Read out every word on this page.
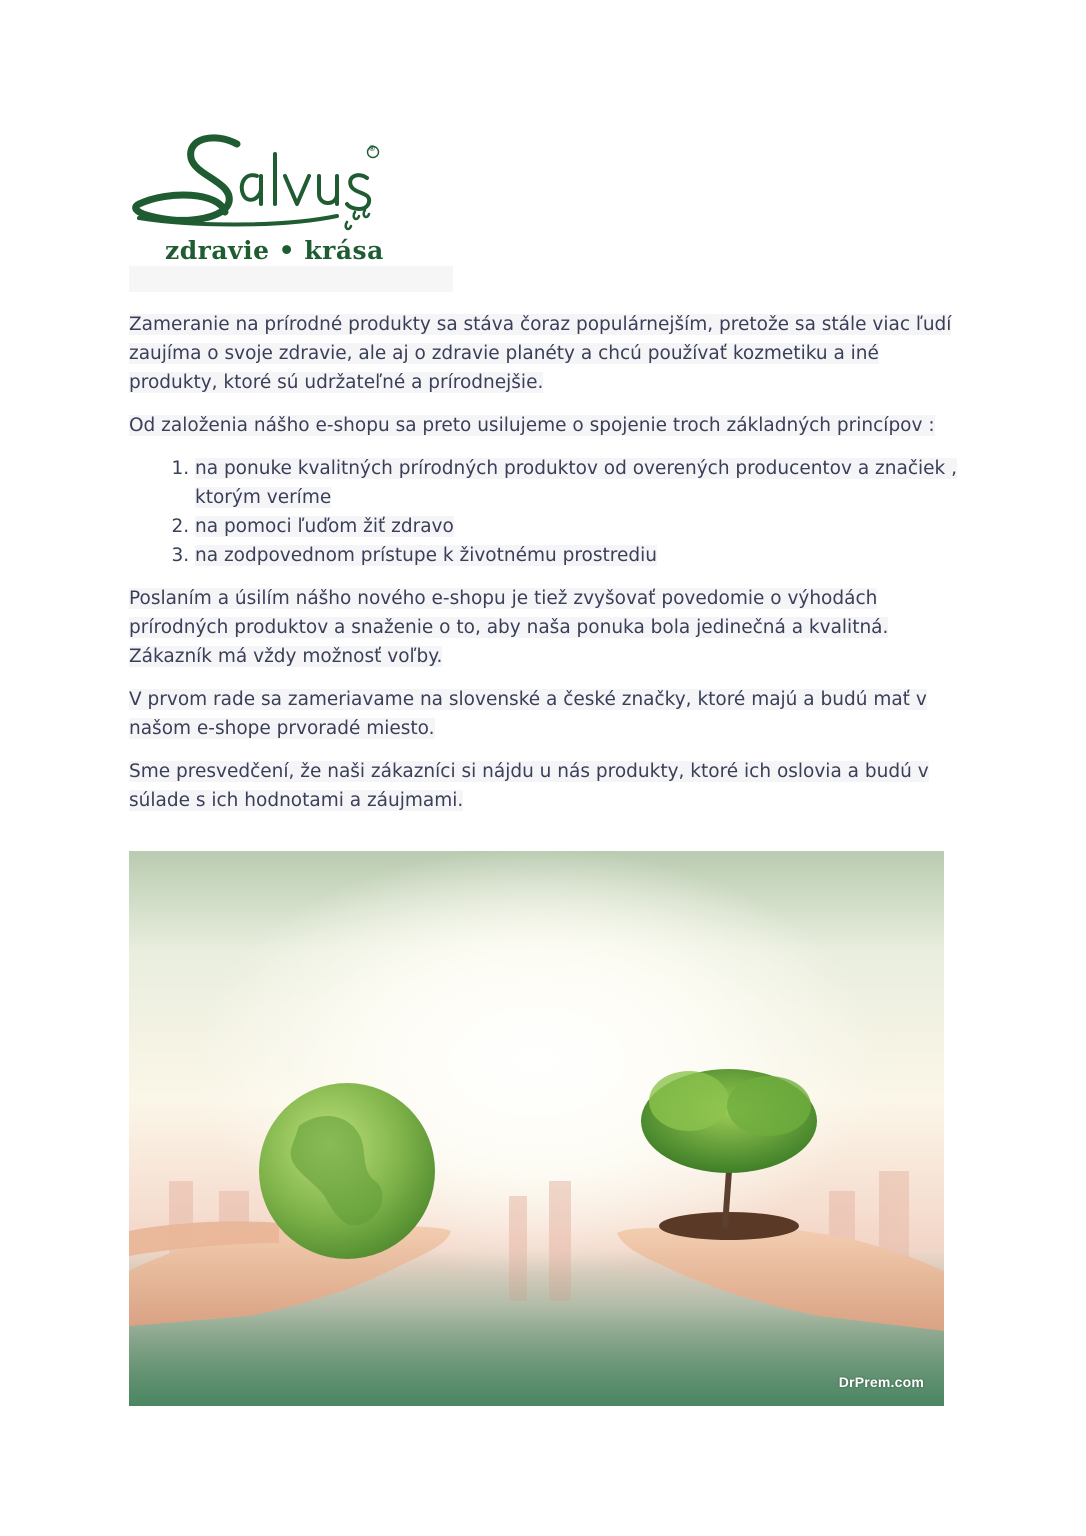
®
zdravie • krása

Zameranie na prírodné produkty sa stáva čoraz populárnejším, pretože sa stále viac ľudí zaujíma o svoje zdravie, ale aj o zdravie planéty a chcú používať kozmetiku a iné produkty, ktoré sú udržateľné a prírodnejšie.

Od založenia nášho e-shopu sa preto usilujeme o spojenie troch základných princípov :

1. na ponuke kvalitných prírodných produktov od overených producentov a značiek , ktorým veríme
2. na pomoci ľuďom žiť zdravo
3. na zodpovednom prístupe k životnému prostrediu

Poslaním a úsilím nášho nového e-shopu je tiež zvyšovať povedomie o výhodách prírodných produktov a snaženie o to, aby naša ponuka bola jedinečná a kvalitná. Zákazník má vždy možnosť voľby.

V prvom rade sa zameriavame na slovenské a české značky, ktoré majú a budú mať v našom e-shope prvoradé miesto.

Sme presvedčení, že naši zákazníci si nájdu u nás produkty, ktoré ich oslovia a budú v súlade s ich hodnotami a záujmami.

DrPrem.com
